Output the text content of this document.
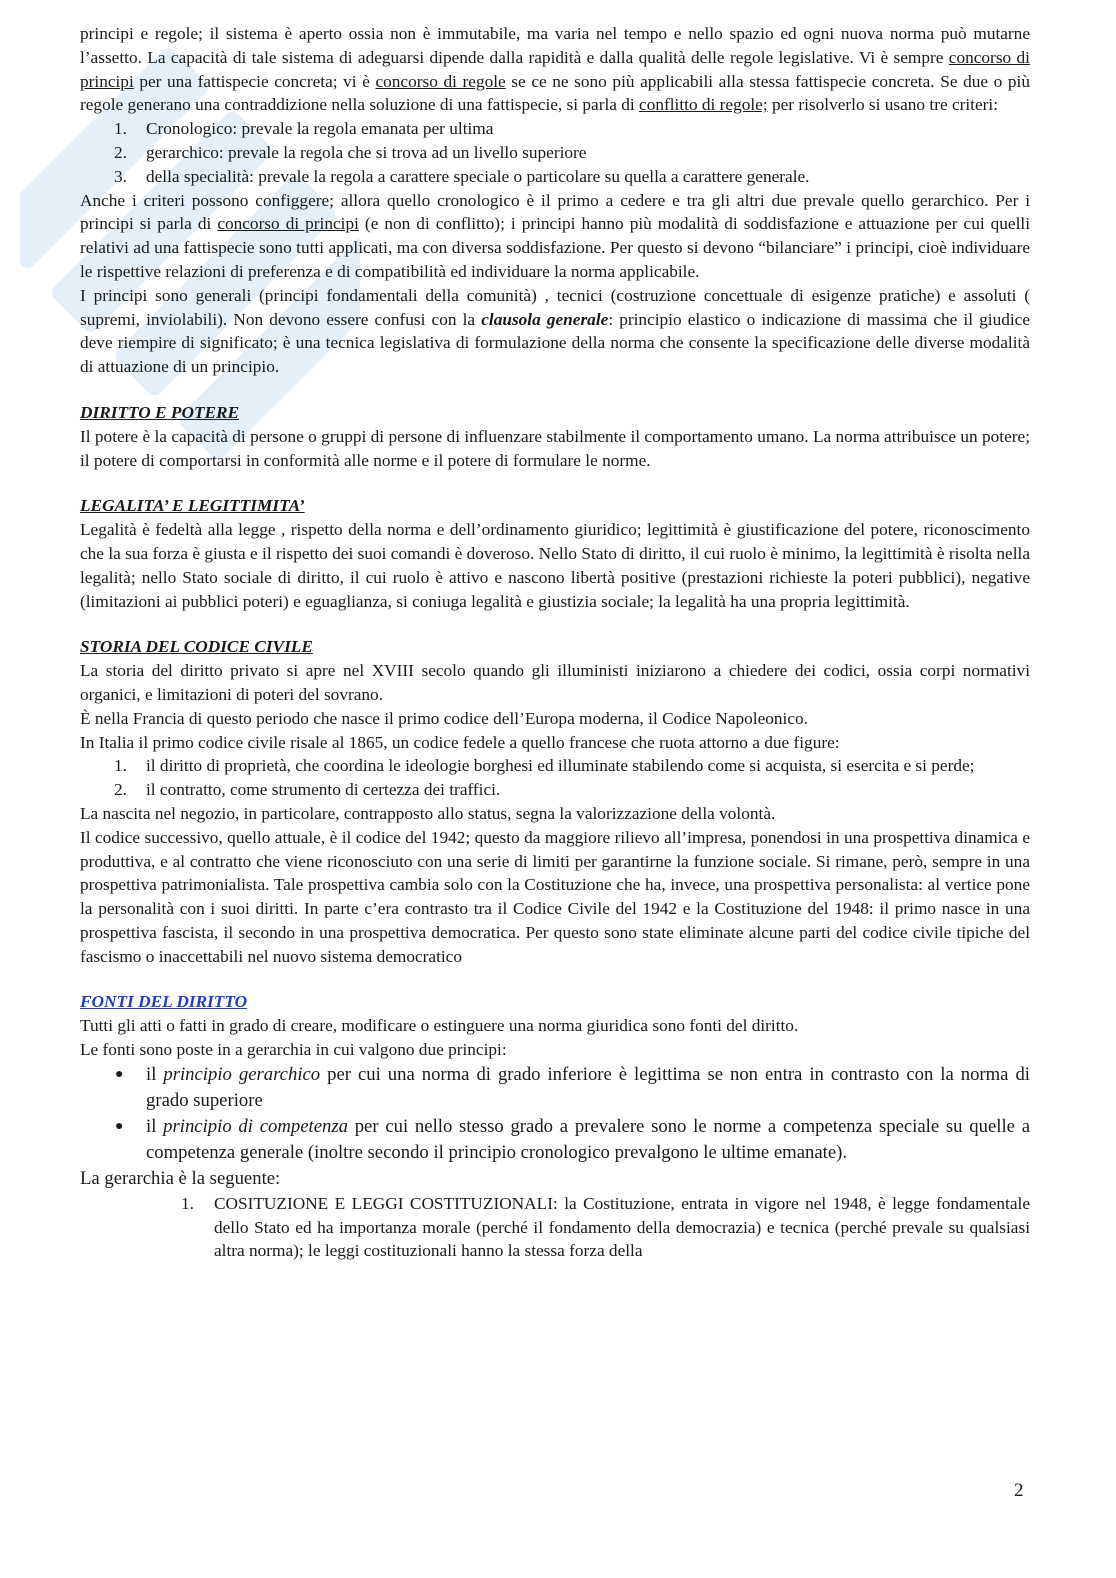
principi e regole; il sistema è aperto ossia non è immutabile, ma varia nel tempo e nello spazio ed ogni nuova norma può mutarne l’assetto. La capacità di tale sistema di adeguarsi dipende dalla rapidità e dalla qualità delle regole legislative. Vi è sempre concorso di principi per una fattispecie concreta; vi è concorso di regole se ce ne sono più applicabili alla stessa fattispecie concreta. Se due o più regole generano una contraddizione nella soluzione di una fattispecie, si parla di conflitto di regole; per risolverlo si usano tre criteri:

1. Cronologico: prevale la regola emanata per ultima
2. gerarchico: prevale la regola che si trova ad un livello superiore
3. della specialità: prevale la regola a carattere speciale o particolare su quella a carattere generale.

Anche i criteri possono configgere; allora quello cronologico è il primo a cedere e tra gli altri due prevale quello gerarchico. Per i principi si parla di concorso di principi (e non di conflitto); i principi hanno più modalità di soddisfazione e attuazione per cui quelli relativi ad una fattispecie sono tutti applicati, ma con diversa soddisfazione. Per questo si devono “bilanciare” i principi, cioè individuare le rispettive relazioni di preferenza e di compatibilità ed individuare la norma applicabile.

I principi sono generali (principi fondamentali della comunità) , tecnici (costruzione concettuale di esigenze pratiche) e assoluti ( supremi, inviolabili). Non devono essere confusi con la clausola generale: principio elastico o indicazione di massima che il giudice deve riempire di significato; è una tecnica legislativa di formulazione della norma che consente la specificazione delle diverse modalità di attuazione di un principio.

DIRITTO E POTERE

Il potere è la capacità di persone o gruppi di persone di influenzare stabilmente il comportamento umano. La norma attribuisce un potere; il potere di comportarsi in conformità alle norme e il potere di formulare le norme.

LEGALITA’ E LEGITTIMITA’

Legalità è fedeltà alla legge , rispetto della norma e dell’ordinamento giuridico; legittimità è giustificazione del potere, riconoscimento che la sua forza è giusta e il rispetto dei suoi comandi è doveroso. Nello Stato di diritto, il cui ruolo è minimo, la legittimità è risolta nella legalità; nello Stato sociale di diritto, il cui ruolo è attivo e nascono libertà positive (prestazioni richieste la poteri pubblici), negative (limitazioni ai pubblici poteri) e eguaglianza, si coniuga legalità e giustizia sociale; la legalità ha una propria legittimità.

STORIA DEL CODICE CIVILE

La storia del diritto privato si apre nel XVIII secolo quando gli illuministi iniziarono a chiedere dei codici, ossia corpi normativi organici, e limitazioni di poteri del sovrano.

È nella Francia di questo periodo che nasce il primo codice dell’Europa moderna, il Codice Napoleonico.

In Italia il primo codice civile risale al 1865, un codice fedele a quello francese che ruota attorno a due figure:

1. il diritto di proprietà, che coordina le ideologie borghesi ed illuminate stabilendo come si acquista, si esercita e si perde;
2. il contratto, come strumento di certezza dei traffici.

La nascita nel negozio, in particolare, contrapposto allo status, segna la valorizzazione della volontà.

Il codice successivo, quello attuale, è il codice del 1942; questo da maggiore rilievo all’impresa, ponendosi in una prospettiva dinamica e produttiva, e al contratto che viene riconosciuto con una serie di limiti per garantirne la funzione sociale. Si rimane, però, sempre in una prospettiva patrimonialista. Tale prospettiva cambia solo con la Costituzione che ha, invece, una prospettiva personalista: al vertice pone la personalità con i suoi diritti. In parte c’era contrasto tra il Codice Civile del 1942 e la Costituzione del 1948: il primo nasce in una prospettiva fascista, il secondo in una prospettiva democratica. Per questo sono state eliminate alcune parti del codice civile tipiche del fascismo o inaccettabili nel nuovo sistema democratico

FONTI DEL DIRITTO

Tutti gli atti o fatti in grado di creare, modificare o estinguere una norma giuridica sono fonti del diritto.

Le fonti sono poste in a gerarchia in cui valgono due principi:

● il principio gerarchico per cui una norma di grado inferiore è legittima se non entra in contrasto con la norma di grado superiore
● il principio di competenza per cui nello stesso grado a prevalere sono le norme a competenza speciale su quelle a competenza generale (inoltre secondo il principio cronologico prevalgono le ultime emanate).

La gerarchia è la seguente:

1. COSITUZIONE E LEGGI COSTITUZIONALI: la Costituzione, entrata in vigore nel 1948, è legge fondamentale dello Stato ed ha importanza morale (perché il fondamento della democrazia) e tecnica (perché prevale su qualsiasi altra norma); le leggi costituzionali hanno la stessa forza della
2
